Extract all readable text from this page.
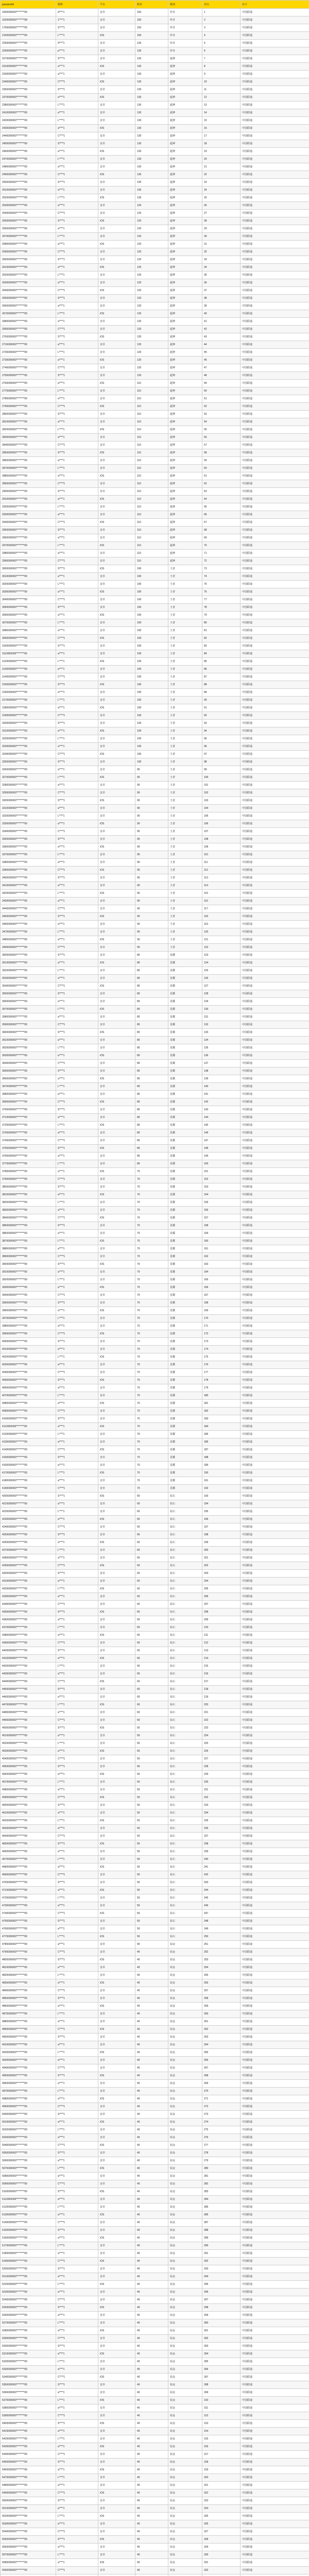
passportid	昵称	平台	服务	级别	名次	名字
1600000000********00	d****1	安卓	150	传奇	1	中国联通
1620000000********08	1****1	安卓	150	传奇	2	中国联通
1750000000********00	S****1	安卓	150	传奇	3	中国联通
2100000000********00	L****1	iOS	150	传奇	4	中国联通
2250000000********00	9****1	安卓	130	传奇	5	中国联通
2260000000********00	p****1	安卓	130	传奇	6	中国联通
2270000000********00	S****1	安卓	130	超神	7	中国联通
2310000000********00	a****1	iOS	130	超神	8	中国联通
2330000000********00	a****1	安卓	130	超神	9	中国联通
2340000000********00	C****1	iOS	130	超神	10	中国联通
2350000000********00	S****1	安卓	130	超神	11	中国联通
2370000000********00	a****1	iOS	130	超神	12	中国联通
2380000000********00	L****1	安卓	130	超神	13	中国联通
2410000000********00	a****1	安卓	130	超神	14	中国联通
2420000000********00	L****1	安卓	130	超神	15	中国联通
2430000000********00	a****1	iOS	130	超神	16	中国联通
2440000000********00	C****1	安卓	130	超神	17	中国联通
2450000000********00	S****1	安卓	130	超神	18	中国联通
2460000000********00	a****1	iOS	130	超神	19	中国联通
2470000000********00	L****1	安卓	130	超神	20	中国联通
2480000000********00	a****1	安卓	130	超神	21	中国联通
2490000000********00	C****1	iOS	130	超神	22	中国联通
2500000000********00	S****1	安卓	130	超神	23	中国联通
2510000000********00	a****1	安卓	130	超神	24	中国联通
2520000000********00	L****1	iOS	130	超神	25	中国联通
2530000000********00	a****1	安卓	120	超神	26	中国联通
2540000000********00	C****1	安卓	120	超神	27	中国联通
2550000000********00	S****1	iOS	120	超神	28	中国联通
2560000000********00	a****1	安卓	120	超神	29	中国联通
2570000000********00	L****1	安卓	120	超神	30	中国联通
2580000000********00	a****1	iOS	120	超神	31	中国联通
2590000000********00	C****1	安卓	120	超神	32	中国联通
2600000000********00	S****1	安卓	120	超神	33	中国联通
2610000000********00	a****1	iOS	120	超神	34	中国联通
2620000000********00	L****1	安卓	120	超神	35	中国联通
2630000000********00	a****1	安卓	120	超神	36	中国联通
2640000000********00	C****1	iOS	120	超神	37	中国联通
2650000000********00	S****1	安卓	120	超神	38	中国联通
2660000000********00	a****1	安卓	120	超神	39	中国联通
2670000000********00	L****1	iOS	120	超神	40	中国联通
2680000000********00	a****1	安卓	120	超神	41	中国联通
2690000000********00	C****1	安卓	120	超神	42	中国联通
2700000000********00	S****1	iOS	120	超神	43	中国联通
2710000000********00	a****1	安卓	120	超神	44	中国联通
2720000000********00	L****1	安卓	120	超神	45	中国联通
2730000000********00	a****1	iOS	120	超神	46	中国联通
2740000000********00	C****1	安卓	120	超神	47	中国联通
2750000000********00	S****1	安卓	120	超神	48	中国联通
2760000000********00	a****1	iOS	110	超神	49	中国联通
2770000000********00	L****1	安卓	110	超神	50	中国联通
2780000000********00	a****1	安卓	110	超神	51	中国联通
2790000000********00	C****1	iOS	110	超神	52	中国联通
2800000000********00	S****1	安卓	110	超神	53	中国联通
2810000000********00	a****1	安卓	110	超神	54	中国联通
2820000000********00	L****1	iOS	110	超神	55	中国联通
2830000000********00	a****1	安卓	110	超神	56	中国联通
2840000000********00	C****1	安卓	110	超神	57	中国联通
2850000000********00	S****1	iOS	110	超神	58	中国联通
2860000000********00	a****1	安卓	110	超神	59	中国联通
2870000000********00	L****1	安卓	110	超神	60	中国联通
2880000000********00	a****1	iOS	110	超神	61	中国联通
2890000000********00	C****1	安卓	110	超神	62	中国联通
2900000000********00	S****1	安卓	110	超神	63	中国联通
2910000000********00	a****1	iOS	110	超神	64	中国联通
2920000000********00	L****1	安卓	110	超神	65	中国联通
2930000000********00	a****1	安卓	110	超神	66	中国联通
2940000000********00	C****1	iOS	110	超神	67	中国联通
2950000000********00	S****1	安卓	110	超神	68	中国联通
2960000000********00	a****1	安卓	110	超神	69	中国联通
2970000000********00	L****1	iOS	110	超神	70	中国联通
2980000000********00	a****1	安卓	110	超神	71	中国联通
2990000000********00	C****1	安卓	110	超神	72	中国联通
3000000000********00	S****1	iOS	100	王者	73	中国联通
3010000000********00	a****1	安卓	100	王者	74	中国联通
3020000000********00	L****1	安卓	100	王者	75	中国联通
3030000000********00	a****1	iOS	100	王者	76	中国联通
3040000000********00	C****1	安卓	100	王者	77	中国联通
3050000000********00	S****1	安卓	100	王者	78	中国联通
3060000000********00	a****1	iOS	100	王者	79	中国联通
3070000000********00	L****1	安卓	100	王者	80	中国联通
3080000000********00	a****1	安卓	100	王者	81	中国联通
3090000000********00	C****1	iOS	100	王者	82	中国联通
3100000000********00	S****1	安卓	100	王者	83	中国联通
3110000000********00	a****1	安卓	100	王者	84	中国联通
3120000000********00	L****1	iOS	100	王者	85	中国联通
3130000000********00	a****1	安卓	100	王者	86	中国联通
3140000000********00	C****1	安卓	100	王者	87	中国联通
3150000000********00	S****1	iOS	100	王者	88	中国联通
3160000000********00	a****1	安卓	100	王者	89	中国联通
3170000000********00	L****1	安卓	100	王者	90	中国联通
3180000000********00	a****1	iOS	100	王者	91	中国联通
3190000000********00	C****1	安卓	100	王者	92	中国联通
3200000000********00	S****1	安卓	100	王者	93	中国联通
3210000000********00	a****1	iOS	100	王者	94	中国联通
3220000000********00	L****1	安卓	100	王者	95	中国联通
3230000000********00	a****1	安卓	100	王者	96	中国联通
3240000000********00	C****1	iOS	100	王者	97	中国联通
3250000000********00	S****1	安卓	100	王者	98	中国联通
3260000000********00	a****1	安卓	90	王者	99	中国联通
3270000000********00	L****1	iOS	90	王者	100	中国联通
3280000000********00	a****1	安卓	90	王者	101	中国联通
3290000000********00	C****1	安卓	90	王者	102	中国联通
3300000000********00	S****1	iOS	90	王者	103	中国联通
3310000000********00	a****1	安卓	90	王者	104	中国联通
3320000000********00	L****1	安卓	90	王者	105	中国联通
3330000000********00	a****1	iOS	90	王者	106	中国联通
3340000000********00	C****1	安卓	90	王者	107	中国联通
3350000000********00	S****1	安卓	90	王者	108	中国联通
3360000000********00	a****1	iOS	90	王者	109	中国联通
3370000000********00	L****1	安卓	90	王者	110	中国联通
3380000000********00	a****1	安卓	90	王者	111	中国联通
3390000000********00	C****1	iOS	90	王者	112	中国联通
3400000000********00	S****1	安卓	90	王者	113	中国联通
3410000000********00	a****1	安卓	90	王者	114	中国联通
3420000000********00	L****1	iOS	90	王者	115	中国联通
3430000000********00	a****1	安卓	90	王者	116	中国联通
3440000000********00	C****1	安卓	90	王者	117	中国联通
3450000000********00	S****1	iOS	90	王者	118	中国联通
3460000000********00	a****1	安卓	90	王者	119	中国联通
3470000000********00	L****1	安卓	90	王者	120	中国联通
3480000000********00	a****1	iOS	90	王者	121	中国联通
3490000000********00	C****1	安卓	90	王者	122	中国联通
3500000000********00	S****1	安卓	80	星耀	123	中国联通
3510000000********00	a****1	iOS	80	星耀	124	中国联通
3520000000********00	L****1	安卓	80	星耀	125	中国联通
3530000000********00	a****1	安卓	80	星耀	126	中国联通
3540000000********00	C****1	iOS	80	星耀	127	中国联通
3550000000********00	S****1	安卓	80	星耀	128	中国联通
3560000000********00	a****1	安卓	80	星耀	129	中国联通
3570000000********00	L****1	iOS	80	星耀	130	中国联通
3580000000********00	a****1	安卓	80	星耀	131	中国联通
3590000000********00	C****1	安卓	80	星耀	132	中国联通
3600000000********00	S****1	iOS	80	星耀	133	中国联通
3610000000********00	a****1	安卓	80	星耀	134	中国联通
3620000000********00	L****1	安卓	80	星耀	135	中国联通
3630000000********00	a****1	iOS	80	星耀	136	中国联通
3640000000********00	C****1	安卓	80	星耀	137	中国联通
3650000000********00	S****1	安卓	80	星耀	138	中国联通
3660000000********00	a****1	iOS	80	星耀	139	中国联通
3670000000********00	L****1	安卓	80	星耀	140	中国联通
3680000000********00	a****1	安卓	80	星耀	141	中国联通
3690000000********00	C****1	iOS	80	星耀	142	中国联通
3700000000********00	S****1	安卓	80	星耀	143	中国联通
3710000000********00	a****1	安卓	80	星耀	144	中国联通
3720000000********00	L****1	iOS	80	星耀	145	中国联通
3730000000********00	a****1	安卓	80	星耀	146	中国联通
3740000000********00	C****1	安卓	80	星耀	147	中国联通
3750000000********00	S****1	iOS	80	星耀	148	中国联通
3760000000********00	a****1	安卓	80	星耀	149	中国联通
3770000000********00	L****1	安卓	80	星耀	150	中国联通
3780000000********00	a****1	iOS	70	星耀	151	中国联通
3790000000********00	C****1	安卓	70	星耀	152	中国联通
3800000000********00	S****1	安卓	70	星耀	153	中国联通
3810000000********00	a****1	iOS	70	星耀	154	中国联通
3820000000********00	L****1	安卓	70	星耀	155	中国联通
3830000000********00	a****1	安卓	70	星耀	156	中国联通
3840000000********00	C****1	iOS	70	星耀	157	中国联通
3850000000********00	S****1	安卓	70	星耀	158	中国联通
3860000000********00	a****1	安卓	70	星耀	159	中国联通
3870000000********00	L****1	iOS	70	星耀	160	中国联通
3880000000********00	a****1	安卓	70	星耀	161	中国联通
3890000000********00	C****1	安卓	70	星耀	162	中国联通
3900000000********00	S****1	iOS	70	星耀	163	中国联通
3910000000********00	a****1	安卓	70	星耀	164	中国联通
3920000000********00	L****1	安卓	70	星耀	165	中国联通
3930000000********00	a****1	iOS	70	星耀	166	中国联通
3940000000********00	C****1	安卓	70	星耀	167	中国联通
3950000000********00	S****1	安卓	70	星耀	168	中国联通
3960000000********00	a****1	iOS	70	星耀	169	中国联通
3970000000********00	L****1	安卓	70	星耀	170	中国联通
3980000000********00	a****1	安卓	70	星耀	171	中国联通
3990000000********00	C****1	iOS	70	星耀	172	中国联通
4000000000********00	S****1	安卓	70	星耀	173	中国联通
4010000000********00	a****1	安卓	70	星耀	174	中国联通
4020000000********00	L****1	iOS	70	星耀	175	中国联通
4030000000********00	a****1	安卓	70	星耀	176	中国联通
4040000000********00	C****1	安卓	70	星耀	177	中国联通
4050000000********00	S****1	iOS	70	星耀	178	中国联通
4060000000********00	a****1	安卓	70	星耀	179	中国联通
4070000000********00	L****1	安卓	70	星耀	180	中国联通
4080000000********00	a****1	iOS	70	星耀	181	中国联通
4090000000********00	C****1	安卓	70	星耀	182	中国联通
4100000000********00	S****1	安卓	70	星耀	183	中国联通
4110000000********00	a****1	iOS	70	星耀	184	中国联通
4120000000********00	L****1	安卓	70	星耀	185	中国联通
4130000000********00	a****1	安卓	70	星耀	186	中国联通
4140000000********00	C****1	iOS	70	星耀	187	中国联通
4150000000********00	S****1	安卓	70	星耀	188	中国联通
4160000000********00	a****1	安卓	70	星耀	189	中国联通
4170000000********00	L****1	iOS	70	星耀	190	中国联通
4180000000********00	a****1	安卓	70	星耀	191	中国联通
4190000000********00	C****1	安卓	70	星耀	192	中国联通
4200000000********00	S****1	iOS	60	钻石	193	中国联通
4210000000********00	a****1	安卓	60	钻石	194	中国联通
4220000000********00	L****1	安卓	60	钻石	195	中国联通
4230000000********00	a****1	iOS	60	钻石	196	中国联通
4240000000********00	C****1	安卓	60	钻石	197	中国联通
4250000000********00	S****1	安卓	60	钻石	198	中国联通
4260000000********00	a****1	iOS	60	钻石	199	中国联通
4270000000********00	L****1	安卓	60	钻石	200	中国联通
4280000000********00	a****1	安卓	60	钻石	201	中国联通
4290000000********00	C****1	iOS	60	钻石	202	中国联通
4300000000********00	S****1	安卓	60	钻石	203	中国联通
4310000000********00	a****1	安卓	60	钻石	204	中国联通
4320000000********00	L****1	iOS	60	钻石	205	中国联通
4330000000********00	a****1	安卓	60	钻石	206	中国联通
4340000000********00	C****1	安卓	60	钻石	207	中国联通
4350000000********00	S****1	iOS	60	钻石	208	中国联通
4360000000********00	a****1	安卓	60	钻石	209	中国联通
4370000000********00	L****1	安卓	60	钻石	210	中国联通
4380000000********00	a****1	iOS	60	钻石	211	中国联通
4390000000********00	C****1	安卓	60	钻石	212	中国联通
4400000000********00	S****1	安卓	60	钻石	213	中国联通
4410000000********00	a****1	iOS	60	钻石	214	中国联通
4420000000********00	L****1	安卓	60	钻石	215	中国联通
4430000000********00	a****1	安卓	60	钻石	216	中国联通
4440000000********00	C****1	iOS	60	钻石	217	中国联通
4450000000********00	S****1	安卓	60	钻石	218	中国联通
4460000000********00	a****1	安卓	60	钻石	219	中国联通
4470000000********00	L****1	iOS	60	钻石	220	中国联通
4480000000********00	a****1	安卓	60	钻石	221	中国联通
4490000000********00	C****1	安卓	60	钻石	222	中国联通
4500000000********00	S****1	iOS	50	钻石	223	中国联通
4510000000********00	a****1	安卓	50	钻石	224	中国联通
4520000000********00	L****1	安卓	50	钻石	225	中国联通
4530000000********00	a****1	iOS	50	钻石	226	中国联通
4540000000********00	C****1	安卓	50	钻石	227	中国联通
4550000000********00	S****1	安卓	50	钻石	228	中国联通
4560000000********00	a****1	iOS	50	钻石	229	中国联通
4570000000********00	L****1	安卓	50	钻石	230	中国联通
4580000000********00	a****1	安卓	50	钻石	231	中国联通
4590000000********00	C****1	iOS	50	钻石	232	中国联通
4600000000********00	S****1	安卓	50	钻石	233	中国联通
4610000000********00	a****1	安卓	50	钻石	234	中国联通
4620000000********00	L****1	iOS	50	钻石	235	中国联通
4630000000********00	a****1	安卓	50	钻石	236	中国联通
4640000000********00	C****1	安卓	50	钻石	237	中国联通
4650000000********00	S****1	iOS	50	钻石	238	中国联通
4660000000********00	a****1	安卓	50	钻石	239	中国联通
4670000000********00	L****1	安卓	50	钻石	240	中国联通
4680000000********00	a****1	iOS	50	钻石	241	中国联通
4690000000********00	C****1	安卓	50	钻石	242	中国联通
4700000000********00	S****1	安卓	50	钻石	243	中国联通
4710000000********00	a****1	iOS	50	钻石	244	中国联通
4720000000********00	L****1	安卓	50	钻石	245	中国联通
4730000000********00	a****1	安卓	50	钻石	246	中国联通
4740000000********00	C****1	iOS	50	钻石	247	中国联通
4750000000********00	S****1	安卓	50	钻石	248	中国联通
4760000000********00	a****1	安卓	50	钻石	249	中国联通
4770000000********00	L****1	iOS	50	钻石	250	中国联通
4780000000********00	a****1	安卓	40	铂金	251	中国联通
4790000000********00	C****1	安卓	40	铂金	252	中国联通
4800000000********00	S****1	iOS	40	铂金	253	中国联通
4810000000********00	a****1	安卓	40	铂金	254	中国联通
4820000000********00	L****1	安卓	40	铂金	255	中国联通
4830000000********00	a****1	iOS	40	铂金	256	中国联通
4840000000********00	C****1	安卓	40	铂金	257	中国联通
4850000000********00	S****1	安卓	40	铂金	258	中国联通
4860000000********00	a****1	iOS	40	铂金	259	中国联通
4870000000********00	L****1	安卓	40	铂金	260	中国联通
4880000000********00	a****1	安卓	40	铂金	261	中国联通
4890000000********00	C****1	iOS	40	铂金	262	中国联通
4900000000********00	S****1	安卓	40	铂金	263	中国联通
4910000000********00	a****1	安卓	40	铂金	264	中国联通
4920000000********00	L****1	iOS	40	铂金	265	中国联通
4930000000********00	a****1	安卓	40	铂金	266	中国联通
4940000000********00	C****1	安卓	40	铂金	267	中国联通
4950000000********00	S****1	iOS	40	铂金	268	中国联通
4960000000********00	a****1	安卓	40	铂金	269	中国联通
4970000000********00	L****1	安卓	40	铂金	270	中国联通
4980000000********00	a****1	iOS	40	铂金	271	中国联通
4990000000********00	C****1	安卓	40	铂金	272	中国联通
5000000000********00	S****1	安卓	40	铂金	273	中国联通
5010000000********00	a****1	iOS	40	铂金	274	中国联通
5020000000********00	L****1	安卓	40	铂金	275	中国联通
5030000000********00	a****1	安卓	40	铂金	276	中国联通
5040000000********00	C****1	iOS	40	铂金	277	中国联通
5050000000********00	S****1	安卓	40	铂金	278	中国联通
5060000000********00	a****1	安卓	40	铂金	279	中国联通
5070000000********00	L****1	iOS	40	铂金	280	中国联通
5080000000********00	a****1	安卓	40	铂金	281	中国联通
5090000000********00	C****1	安卓	40	铂金	282	中国联通
5100000000********00	S****1	iOS	40	铂金	283	中国联通
5110000000********00	a****1	安卓	40	铂金	284	中国联通
5120000000********00	L****1	安卓	40	铂金	285	中国联通
5130000000********00	a****1	iOS	40	铂金	286	中国联通
5140000000********00	C****1	安卓	40	铂金	287	中国联通
5150000000********00	S****1	安卓	40	铂金	288	中国联通
5160000000********00	a****1	iOS	40	铂金	289	中国联通
5170000000********00	L****1	安卓	40	铂金	290	中国联通
5180000000********00	a****1	安卓	40	铂金	291	中国联通
5190000000********00	C****1	iOS	40	铂金	292	中国联通
5200000000********00	S****1	安卓	40	铂金	293	中国联通
5210000000********00	a****1	安卓	40	铂金	294	中国联通
5220000000********00	L****1	iOS	40	铂金	295	中国联通
5230000000********00	a****1	安卓	40	铂金	296	中国联通
5240000000********00	C****1	安卓	40	铂金	297	中国联通
5250000000********00	S****1	iOS	40	铂金	298	中国联通
5260000000********00	a****1	安卓	40	铂金	299	中国联通
5270000000********00	L****1	安卓	40	铂金	300	中国联通
5280000000********00	a****1	iOS	40	铂金	301	中国联通
5290000000********00	C****1	安卓	40	铂金	302	中国联通
5300000000********00	S****1	安卓	40	铂金	303	中国联通
5310000000********00	a****1	iOS	40	铂金	304	中国联通
5320000000********00	L****1	安卓	40	铂金	305	中国联通
5330000000********00	a****1	安卓	40	铂金	306	中国联通
5340000000********00	C****1	iOS	40	铂金	307	中国联通
5350000000********00	S****1	安卓	40	铂金	308	中国联通
5360000000********00	a****1	安卓	40	铂金	309	中国联通
5370000000********00	L****1	iOS	40	铂金	310	中国联通
5380000000********00	a****1	安卓	40	铂金	311	中国联通
5390000000********00	C****1	安卓	40	铂金	312	中国联通
5400000000********00	S****1	iOS	40	铂金	313	中国联通
5410000000********00	a****1	安卓	40	铂金	314	中国联通
5420000000********00	L****1	安卓	40	铂金	315	中国联通
5430000000********00	a****1	iOS	40	铂金	316	中国联通
5440000000********00	C****1	安卓	40	铂金	317	中国联通
5450000000********00	S****1	安卓	40	铂金	318	中国联通
5460000000********00	a****1	iOS	40	铂金	319	中国联通
5470000000********00	L****1	安卓	40	铂金	320	中国联通
5480000000********00	a****1	安卓	40	铂金	321	中国联通
5490000000********00	C****1	iOS	40	铂金	322	中国联通
5500000000********00	S****1	安卓	40	铂金	323	中国联通
5510000000********00	a****1	安卓	40	铂金	324	中国联通
5520000000********00	L****1	iOS	40	铂金	325	中国联通
5530000000********00	a****1	安卓	40	铂金	326	中国联通
5540000000********00	C****1	安卓	40	铂金	327	中国联通
5550000000********00	S****1	iOS	40	铂金	328	中国联通
5560000000********00	a****1	安卓	40	铂金	329	中国联通
5570000000********00	L****1	安卓	40	铂金	330	中国联通
5580000000********00	a****1	iOS	40	铂金	331	中国联通
5590000000********00	C****1	安卓	40	铂金	332	中国联通
